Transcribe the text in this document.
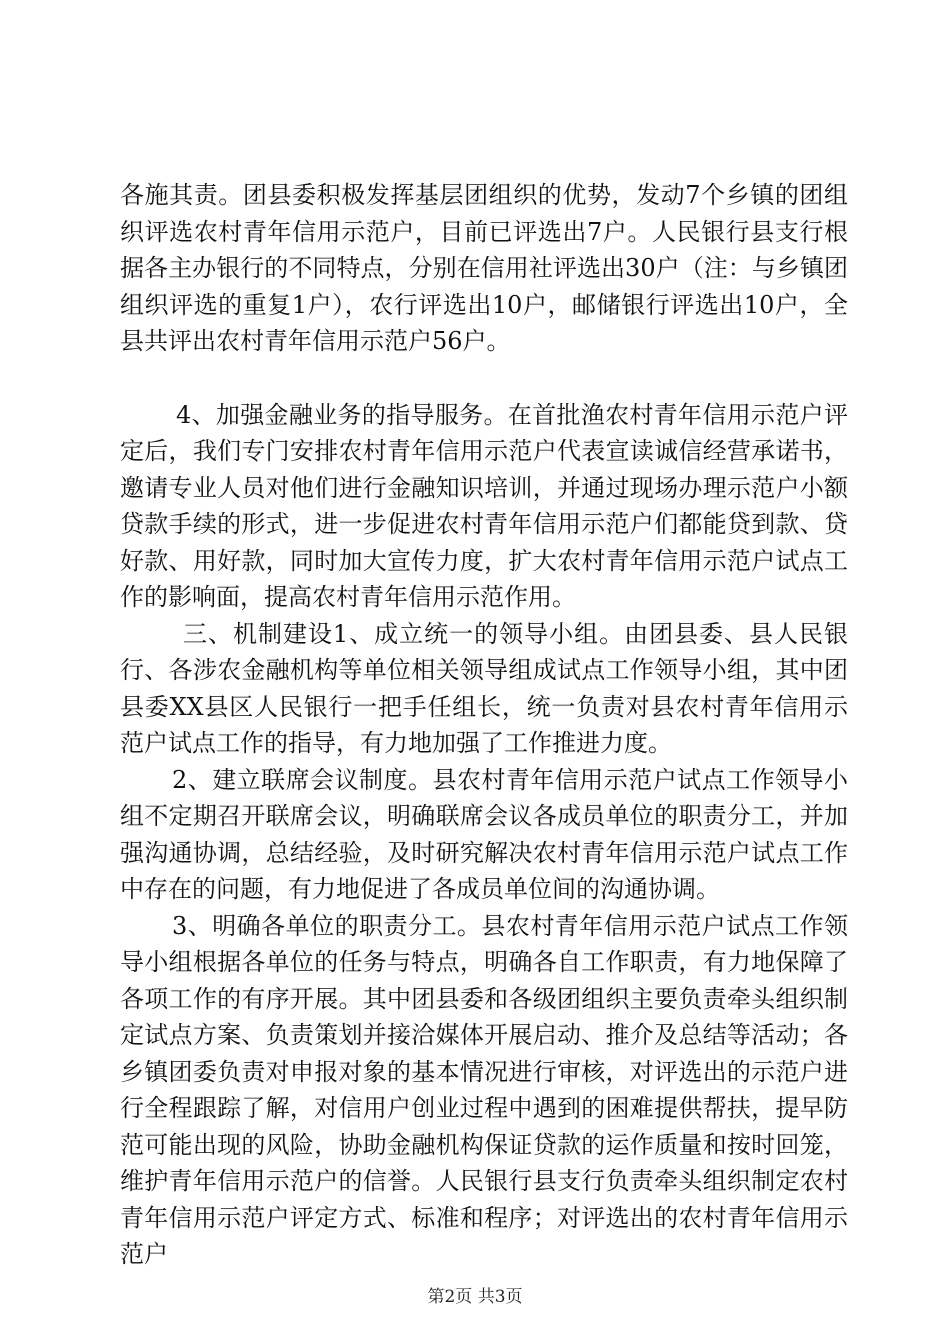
各施其责。团县委积极发挥基层团组织的优势，发动7个乡镇的团组织评选农村青年信用示范户，目前已评选出7户。人民银行县支行根据各主办银行的不同特点，分别在信用社评选出30户（注：与乡镇团组织评选的重复1户），农行评选出10户，邮储银行评选出10户，全县共评出农村青年信用示范户56户。

4、加强金融业务的指导服务。在首批渔农村青年信用示范户评定后，我们专门安排农村青年信用示范户代表宣读诚信经营承诺书，邀请专业人员对他们进行金融知识培训，并通过现场办理示范户小额贷款手续的形式，进一步促进农村青年信用示范户们都能贷到款、贷好款、用好款，同时加大宣传力度，扩大农村青年信用示范户试点工作的影响面，提高农村青年信用示范作用。

三、机制建设1、成立统一的领导小组。由团县委、县人民银行、各涉农金融机构等单位相关领导组成试点工作领导小组，其中团县委XX县区人民银行一把手任组长，统一负责对县农村青年信用示范户试点工作的指导，有力地加强了工作推进力度。

2、建立联席会议制度。县农村青年信用示范户试点工作领导小组不定期召开联席会议，明确联席会议各成员单位的职责分工，并加强沟通协调，总结经验，及时研究解决农村青年信用示范户试点工作中存在的问题，有力地促进了各成员单位间的沟通协调。

3、明确各单位的职责分工。县农村青年信用示范户试点工作领导小组根据各单位的任务与特点，明确各自工作职责，有力地保障了各项工作的有序开展。其中团县委和各级团组织主要负责牵头组织制定试点方案、负责策划并接洽媒体开展启动、推介及总结等活动；各乡镇团委负责对申报对象的基本情况进行审核，对评选出的示范户进行全程跟踪了解，对信用户创业过程中遇到的困难提供帮扶，提早防范可能出现的风险，协助金融机构保证贷款的运作质量和按时回笼，维护青年信用示范户的信誉。人民银行县支行负责牵头组织制定农村青年信用示范户评定方式、标准和程序；对评选出的农村青年信用示范户

第2页 共3页
